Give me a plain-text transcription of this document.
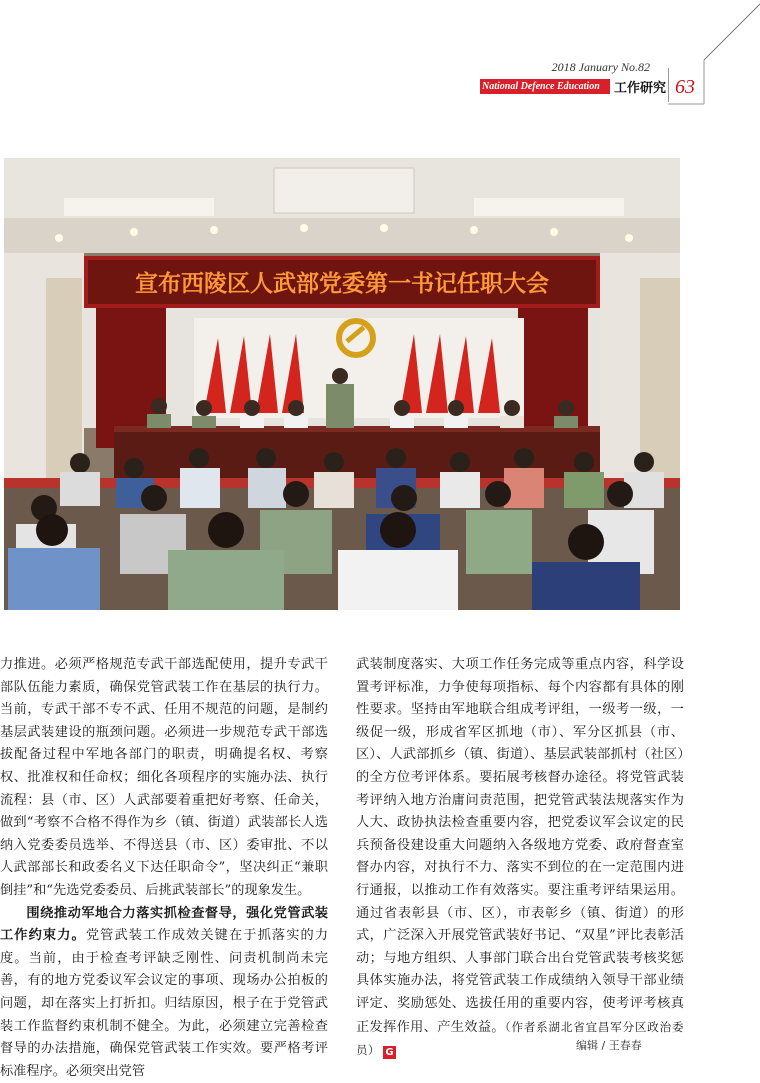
2018 January No.82
National Defence Education	工作研究 63
宣布西陵区人武部党委第一书记任职大会

力推进。必须严格规范专武干部选配使用，提升专武干部队伍能力素质，确保党管武装工作在基层的执行力。当前，专武干部不专不武、任用不规范的问题，是制约基层武装建设的瓶颈问题。必须进一步规范专武干部选拔配备过程中军地各部门的职责，明确提名权、考察权、批准权和任命权；细化各项程序的实施办法、执行流程：县（市、区）人武部要着重把好考察、任命关，做到“考察不合格不得作为乡（镇、街道）武装部长人选纳入党委委员选举、不得送县（市、区）委审批、不以人武部部长和政委名义下达任职命令”，坚决纠正“兼职倒挂”和“先选党委委员、后挑武装部长”的现象发生。

围绕推动军地合力落实抓检查督导，强化党管武装工作约束力。党管武装工作成效关键在于抓落实的力度。当前，由于检查考评缺乏刚性、问责机制尚未完善，有的地方党委议军会议定的事项、现场办公拍板的问题，却在落实上打折扣。归结原因，根子在于党管武装工作监督约束机制不健全。为此，必须建立完善检查督导的办法措施，确保党管武装工作实效。要严格考评标准程序。必须突出党管

武装制度落实、大项工作任务完成等重点内容，科学设置考评标准，力争使每项指标、每个内容都有具体的刚性要求。坚持由军地联合组成考评组，一级考一级，一级促一级，形成省军区抓地（市）、军分区抓县（市、区）、人武部抓乡（镇、街道）、基层武装部抓村（社区）的全方位考评体系。要拓展考核督办途径。将党管武装考评纳入地方治庸问责范围，把党管武装法规落实作为人大、政协执法检查重要内容，把党委议军会议定的民兵预备役建设重大问题纳入各级地方党委、政府督查室督办内容，对执行不力、落实不到位的在一定范围内进行通报，以推动工作有效落实。要注重考评结果运用。通过省表彰县（市、区），市表彰乡（镇、街道）的形式，广泛深入开展党管武装好书记、“双星”评比表彰活动；与地方组织、人事部门联合出台党管武装考核奖惩具体实施办法，将党管武装工作成绩纳入领导干部业绩评定、奖励惩处、选拔任用的重要内容，使考评考核真正发挥作用、产生效益。（作者系湖北省宜昌军分区政治委员） G

编辑 / 王春春
